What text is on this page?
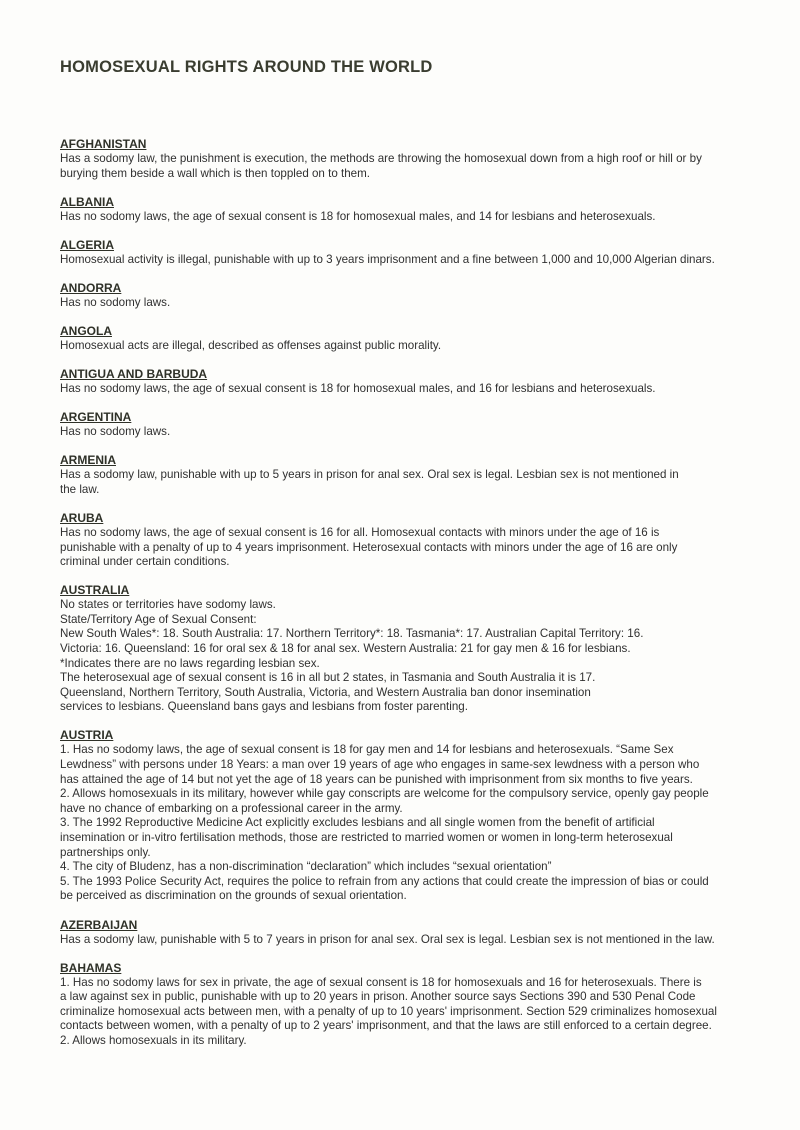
HOMOSEXUAL RIGHTS AROUND THE WORLD
AFGHANISTAN
Has a sodomy law, the punishment is execution, the methods are throwing the homosexual down from a high roof or hill or by
burying them beside a wall which is then toppled on to them.
ALBANIA
Has no sodomy laws, the age of sexual consent is 18 for homosexual males, and 14 for lesbians and heterosexuals.
ALGERIA
Homosexual activity is illegal, punishable with up to 3 years imprisonment and a fine between 1,000 and 10,000 Algerian dinars.
ANDORRA
Has no sodomy laws.
ANGOLA
Homosexual acts are illegal, described as offenses against public morality.
ANTIGUA AND BARBUDA
Has no sodomy laws, the age of sexual consent is 18 for homosexual males, and 16 for lesbians and heterosexuals.
ARGENTINA
Has no sodomy laws.
ARMENIA
Has a sodomy law, punishable with up to 5 years in prison for anal sex. Oral sex is legal. Lesbian sex is not mentioned in
the law.
ARUBA
Has no sodomy laws, the age of sexual consent is 16 for all. Homosexual contacts with minors under the age of 16 is
punishable with a penalty of up to 4 years imprisonment. Heterosexual contacts with minors under the age of 16 are only
criminal under certain conditions.
AUSTRALIA
No states or territories have sodomy laws.
State/Territory Age of Sexual Consent:
New South Wales*: 18. South Australia: 17. Northern Territory*: 18. Tasmania*: 17. Australian Capital Territory: 16.
Victoria: 16. Queensland: 16 for oral sex & 18 for anal sex. Western Australia: 21 for gay men & 16 for lesbians.
*Indicates there are no laws regarding lesbian sex.
The heterosexual age of sexual consent is 16 in all but 2 states, in Tasmania and South Australia it is 17.
Queensland, Northern Territory, South Australia, Victoria, and Western Australia ban donor insemination
services to lesbians. Queensland bans gays and lesbians from foster parenting.
AUSTRIA
1. Has no sodomy laws, the age of sexual consent is 18 for gay men and 14 for lesbians and heterosexuals. “Same Sex
Lewdness” with persons under 18 Years: a man over 19 years of age who engages in same-sex lewdness with a person who
has attained the age of 14 but not yet the age of 18 years can be punished with imprisonment from six months to five years.
2. Allows homosexuals in its military, however while gay conscripts are welcome for the compulsory service, openly gay people
have no chance of embarking on a professional career in the army.
3. The 1992 Reproductive Medicine Act explicitly excludes lesbians and all single women from the benefit of artificial
insemination or in-vitro fertilisation methods, those are restricted to married women or women in long-term heterosexual
partnerships only.
4. The city of Bludenz, has a non-discrimination “declaration” which includes “sexual orientation”
5. The 1993 Police Security Act, requires the police to refrain from any actions that could create the impression of bias or could
be perceived as discrimination on the grounds of sexual orientation.
AZERBAIJAN
Has a sodomy law, punishable with 5 to 7 years in prison for anal sex. Oral sex is legal. Lesbian sex is not mentioned in the law.
BAHAMAS
1. Has no sodomy laws for sex in private, the age of sexual consent is 18 for homosexuals and 16 for heterosexuals. There is
a law against sex in public, punishable with up to 20 years in prison. Another source says Sections 390 and 530 Penal Code
criminalize homosexual acts between men, with a penalty of up to 10 years' imprisonment. Section 529 criminalizes homosexual
contacts between women, with a penalty of up to 2 years' imprisonment, and that the laws are still enforced to a certain degree.
2. Allows homosexuals in its military.
